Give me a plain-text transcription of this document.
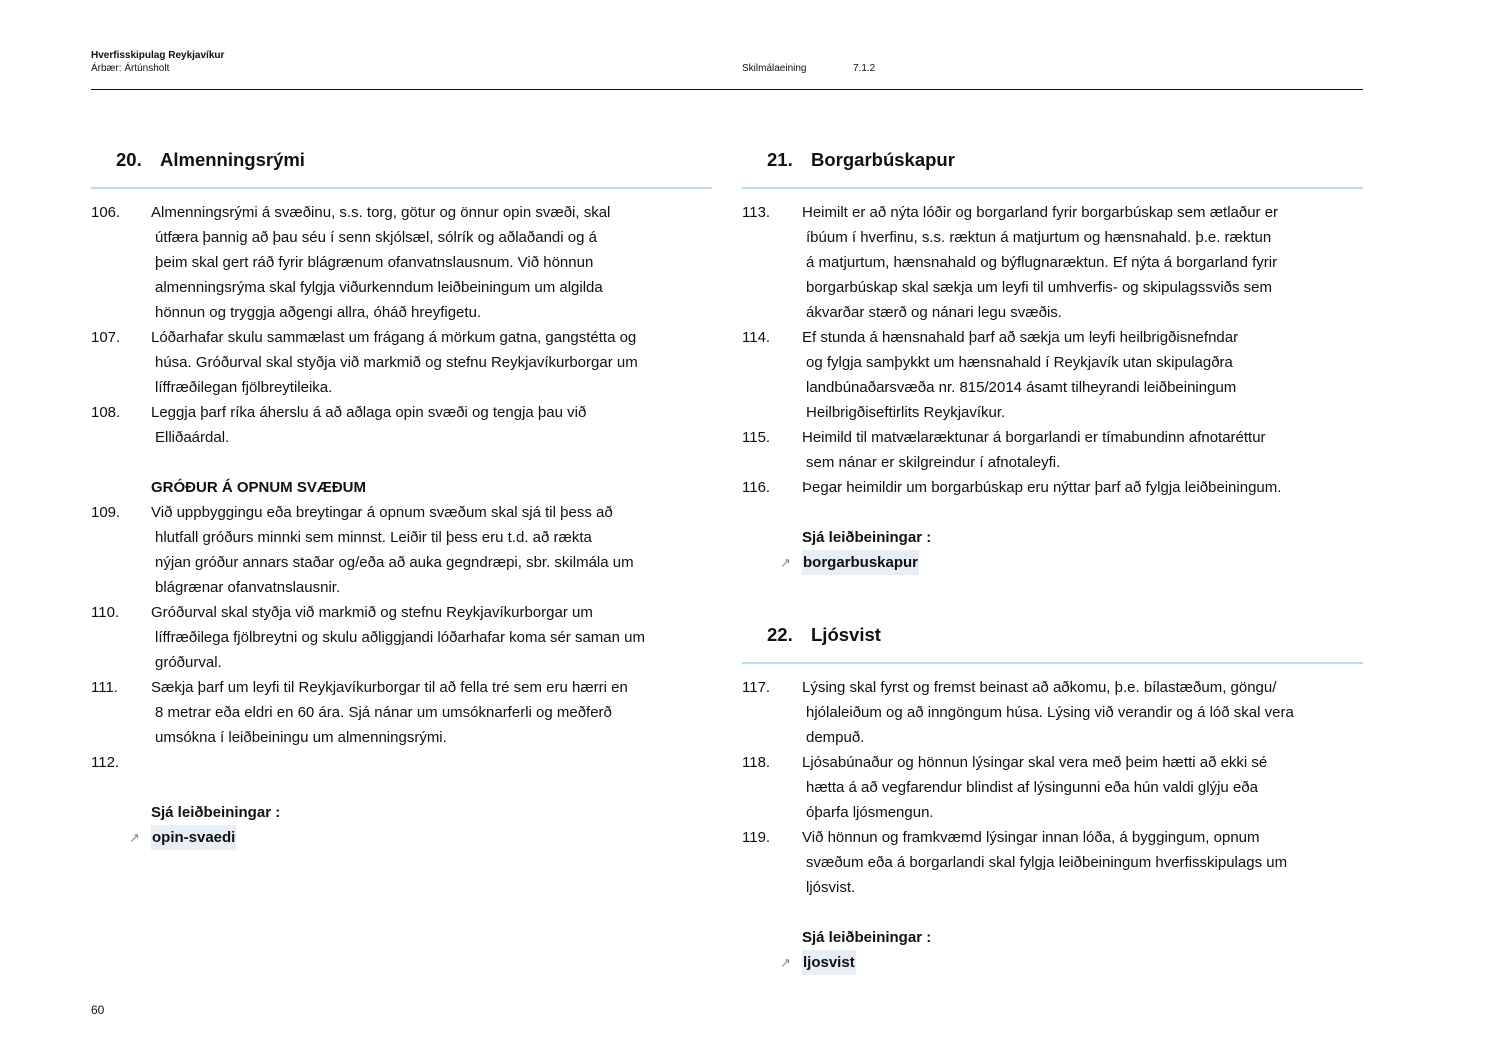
Hverfisskipulag Reykjavíkur
Árbær: Ártúnsholt	Skilmálaeining	7.1.2
20. Almenningsrými
106. Almenningsrými á svæðinu, s.s. torg, götur og önnur opin svæði, skal
útfæra þannig að þau séu í senn skjólsæl, sólrík og aðlaðandi og á
þeim skal gert ráð fyrir blágrænum ofanvatnslausnum. Við hönnun
almenningsrýma skal fylgja viðurkenndum leiðbeiningum um algilda
hönnun og tryggja aðgengi allra, óháð hreyfigetu.
107. Lóðarhafar skulu sammælast um frágang á mörkum gatna, gangstétta og
húsa. Gróðurval skal styðja við markmið og stefnu Reykjavíkurborgar um
líffræðilegan fjölbreytileika.
108. Leggja þarf ríka áherslu á að aðlaga opin svæði og tengja þau við
Elliðaárdal.
GRÓÐUR Á OPNUM SVÆÐUM
109. Við uppbyggingu eða breytingar á opnum svæðum skal sjá til þess að
hlutfall gróðurs minnki sem minnst. Leiðir til þess eru t.d. að rækta
nýjan gróður annars staðar og/eða að auka gegndræpi, sbr. skilmála um
blágrænar ofanvatnslausnir.
110. Gróðurval skal styðja við markmið og stefnu Reykjavíkurborgar um
líffræðilega fjölbreytni og skulu aðliggjandi lóðarhafar koma sér saman um
gróðurval.
111. Sækja þarf um leyfi til Reykjavíkurborgar til að fella tré sem eru hærri en
8 metrar eða eldri en 60 ára. Sjá nánar um umsóknarferli og meðferð
umsókna í leiðbeiningu um almenningsrými.
112.
Sjá leiðbeiningar :
↗ opin-svaedi
21. Borgarbúskapur
113. Heimilt er að nýta lóðir og borgarland fyrir borgarbúskap sem ætlaður er
íbúum í hverfinu, s.s. ræktun á matjurtum og hænsnahald. þ.e. ræktun
á matjurtum, hænsnahald og býflugnaræktun. Ef nýta á borgarland fyrir
borgarbúskap skal sækja um leyfi til umhverfis- og skipulagssviðs sem
ákvarðar stærð og nánari legu svæðis.
114. Ef stunda á hænsnahald þarf að sækja um leyfi heilbrigðisnefndar
og fylgja samþykkt um hænsnahald í Reykjavík utan skipulagðra
landbúnaðarsvæða nr. 815/2014 ásamt tilheyrandi leiðbeiningum
Heilbrigðiseftirlits Reykjavíkur.
115. Heimild til matvælaræktunar á borgarlandi er tímabundinn afnotaréttur
sem nánar er skilgreindur í afnotaleyfi.
116. Þegar heimildir um borgarbúskap eru nýttar þarf að fylgja leiðbeiningum.
Sjá leiðbeiningar :
↗ borgarbuskapur
22. Ljósvist
117. Lýsing skal fyrst og fremst beinast að aðkomu, þ.e. bílastæðum, göngu/
hjólaleiðum og að inngöngum húsa. Lýsing við verandir og á lóð skal vera
dempuð.
118. Ljósabúnaður og hönnun lýsingar skal vera með þeim hætti að ekki sé
hætta á að vegfarendur blindist af lýsingunni eða hún valdi glýju eða
óþarfa ljósmengun.
119. Við hönnun og framkvæmd lýsingar innan lóða, á byggingum, opnum
svæðum eða á borgarlandi skal fylgja leiðbeiningum hverfisskipulags um
ljósvist.
Sjá leiðbeiningar :
↗ ljosvist
60
